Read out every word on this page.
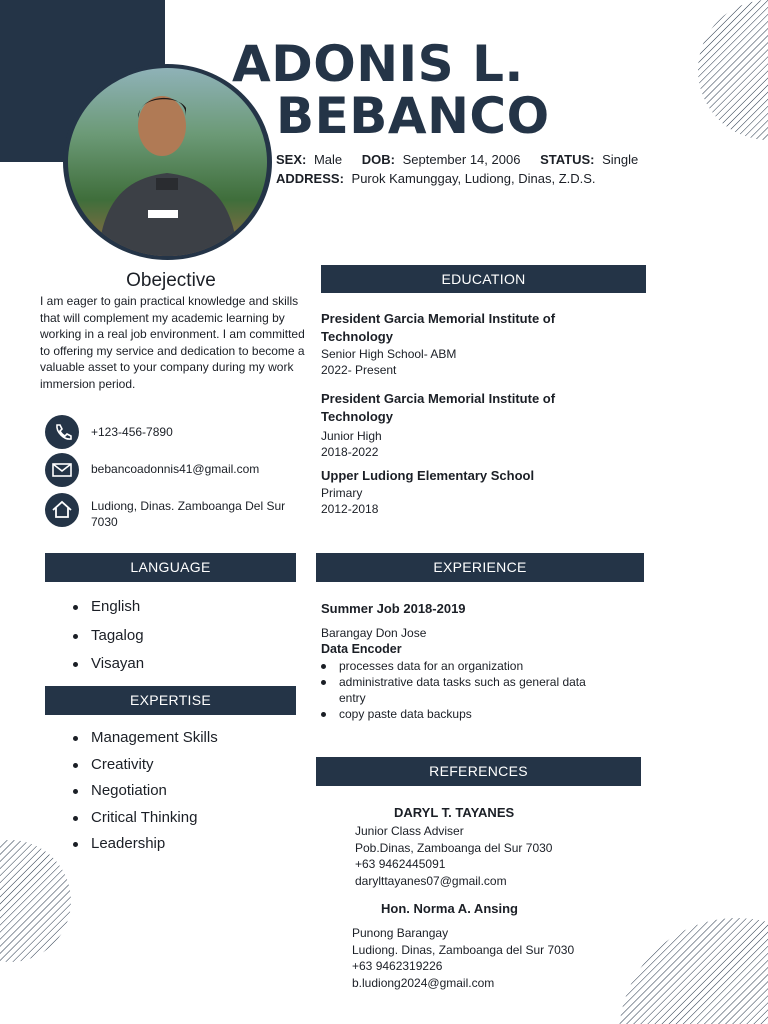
ADONIS L.
BEBANCO
SEX: Male DOB: September 14, 2006 STATUS: Single
ADDRESS: Purok Kamunggay, Ludiong, Dinas, Z.D.S.
Obejective
I am eager to gain practical knowledge and skills that will complement my academic learning by working in a real job environment. I am committed to offering my service and dedication to become a valuable asset to your company during my work immersion period.
+123-456-7890
bebancoadonnis41@gmail.com
Ludiong, Dinas. Zamboanga Del Sur 7030
EDUCATION
President Garcia Memorial Institute of Technology
Senior High School- ABM
2022- Present
President Garcia Memorial Institute of Technology
Junior High
2018-2022
Upper Ludiong Elementary School
Primary
2012-2018
LANGUAGE
English
Tagalog
Visayan
EXPERTISE
Management Skills
Creativity
Negotiation
Critical Thinking
Leadership
EXPERIENCE
Summer Job 2018-2019
Barangay Don Jose
Data Encoder
processes data for an organization
administrative data tasks such as general data entry
copy paste data backups
REFERENCES
DARYL T. TAYANES
Junior Class Adviser
Pob.Dinas, Zamboanga del Sur 7030
+63 9462445091
darylttayanes07@gmail.com
Hon. Norma A. Ansing
Punong Barangay
Ludiong. Dinas, Zamboanga del Sur 7030
+63 9462319226
b.ludiong2024@gmail.com
